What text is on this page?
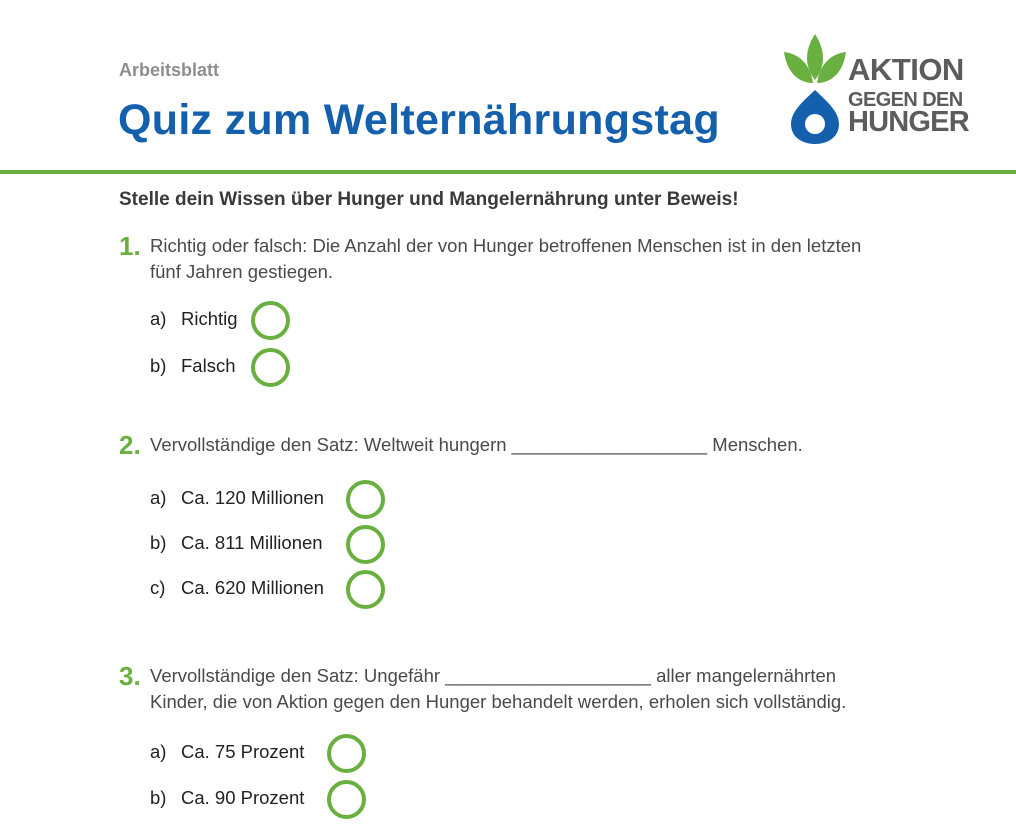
Arbeitsblatt
Quiz zum Welternährungstag
AKTION
GEGEN DEN
HUNGER
Stelle dein Wissen über Hunger und Mangelernährung unter Beweis!
1. Richtig oder falsch: Die Anzahl der von Hunger betroffenen Menschen ist in den letzten fünf Jahren gestiegen.
a) Richtig
b) Falsch
2. Vervollständige den Satz: Weltweit hungern ___________________ Menschen.
a) Ca. 120 Millionen
b) Ca. 811 Millionen
c) Ca. 620 Millionen
3. Vervollständige den Satz: Ungefähr ____________________ aller mangelernährten Kinder, die von Aktion gegen den Hunger behandelt werden, erholen sich vollständig.
a) Ca. 75 Prozent
b) Ca. 90 Prozent
